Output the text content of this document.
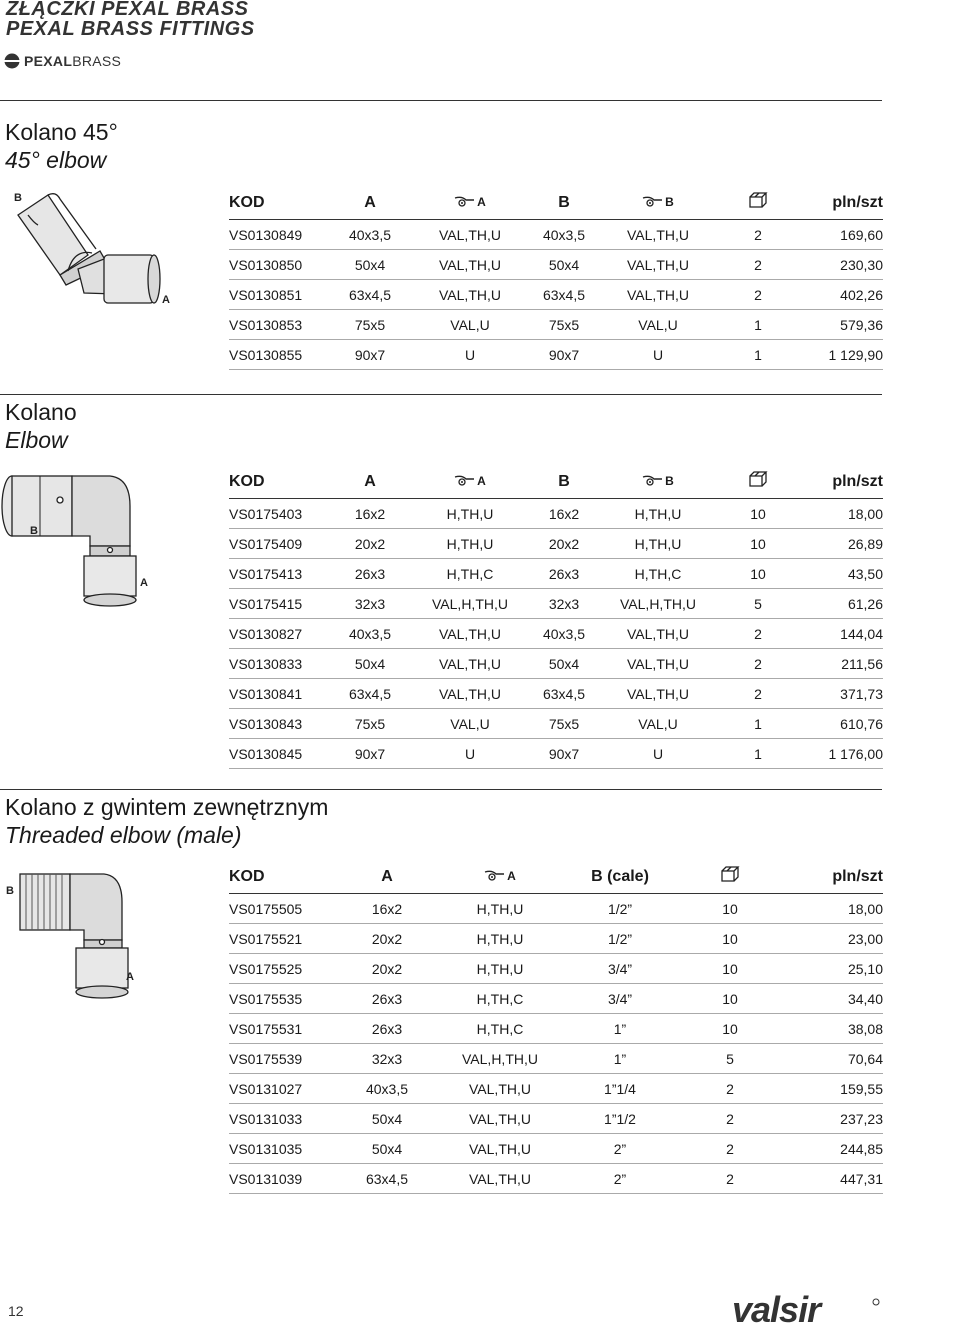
ZŁĄCZKI PEXAL BRASS
PEXAL BRASS FITTINGS
PEXALBRASS
Kolano 45°
45° elbow
B
A
KOD	A	A	B	B		pln/szt
VS0130849	40x3,5	VAL,TH,U	40x3,5	VAL,TH,U	2	169,60
VS0130850	50x4	VAL,TH,U	50x4	VAL,TH,U	2	230,30
VS0130851	63x4,5	VAL,TH,U	63x4,5	VAL,TH,U	2	402,26
VS0130853	75x5	VAL,U	75x5	VAL,U	1	579,36
VS0130855	90x7	U	90x7	U	1	1 129,90
Kolano
Elbow
B
A
KOD	A	A	B	B		pln/szt
VS0175403	16x2	H,TH,U	16x2	H,TH,U	10	18,00
VS0175409	20x2	H,TH,U	20x2	H,TH,U	10	26,89
VS0175413	26x3	H,TH,C	26x3	H,TH,C	10	43,50
VS0175415	32x3	VAL,H,TH,U	32x3	VAL,H,TH,U	5	61,26
VS0130827	40x3,5	VAL,TH,U	40x3,5	VAL,TH,U	2	144,04
VS0130833	50x4	VAL,TH,U	50x4	VAL,TH,U	2	211,56
VS0130841	63x4,5	VAL,TH,U	63x4,5	VAL,TH,U	2	371,73
VS0130843	75x5	VAL,U	75x5	VAL,U	1	610,76
VS0130845	90x7	U	90x7	U	1	1 176,00
Kolano z gwintem zewnętrznym
Threaded elbow (male)
B
A
KOD	A	A	B (cale)		pln/szt
VS0175505	16x2	H,TH,U	1/2”	10	18,00
VS0175521	20x2	H,TH,U	1/2”	10	23,00
VS0175525	20x2	H,TH,U	3/4”	10	25,10
VS0175535	26x3	H,TH,C	3/4”	10	34,40
VS0175531	26x3	H,TH,C	1”	10	38,08
VS0175539	32x3	VAL,H,TH,U	1”	5	70,64
VS0131027	40x3,5	VAL,TH,U	1”1/4	2	159,55
VS0131033	50x4	VAL,TH,U	1”1/2	2	237,23
VS0131035	50x4	VAL,TH,U	2”	2	244,85
VS0131039	63x4,5	VAL,TH,U	2”	2	447,31
12	valsir
